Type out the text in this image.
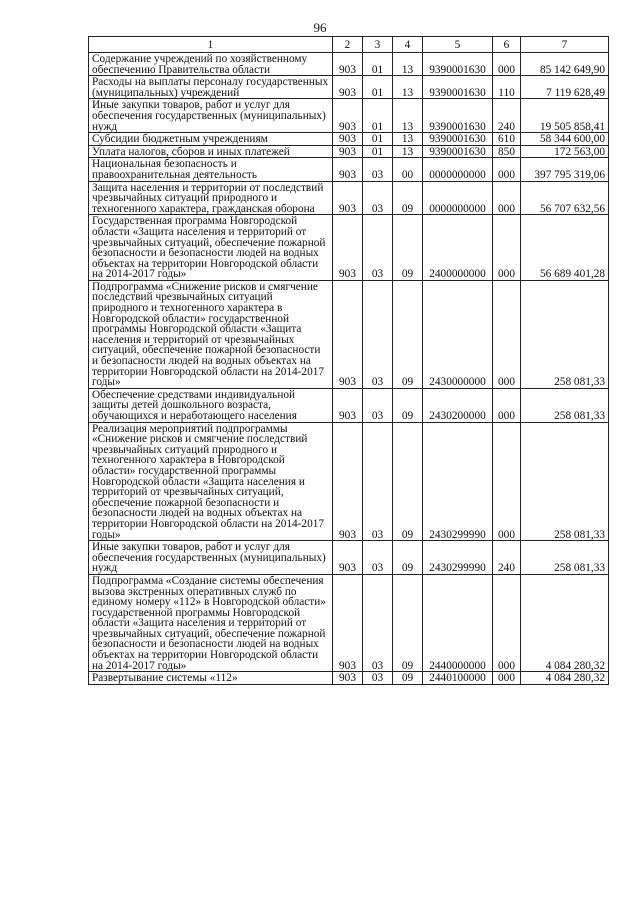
96
1	2	3	4	5	6	7
Содержание учреждений по хозяйственному обеспечению Правительства области	903	01	13	9390001630	000	85 142 649,90
Расходы на выплаты персоналу государственных (муниципальных) учреждений	903	01	13	9390001630	110	7 119 628,49
Иные закупки товаров, работ и услуг для обеспечения государственных (муниципальных) нужд	903	01	13	9390001630	240	19 505 858,41
Субсидии бюджетным учреждениям	903	01	13	9390001630	610	58 344 600,00
Уплата налогов, сборов и иных платежей	903	01	13	9390001630	850	172 563,00
Национальная безопасность и правоохранительная деятельность	903	03	00	0000000000	000	397 795 319,06
Защита населения и территории от последствий чрезвычайных ситуаций природного и техногенного характера, гражданская оборона	903	03	09	0000000000	000	56 707 632,56
Государственная программа Новгородской области «Защита населения и территорий от чрезвычайных ситуаций, обеспечение пожарной безопасности и безопасности людей на водных объектах на территории Новгородской области на 2014-2017 годы»	903	03	09	2400000000	000	56 689 401,28
Подпрограмма «Снижение рисков и смягчение последствий чрезвычайных ситуаций природного и техногенного характера в Новгородской области» государственной программы Новгородской области «Защита населения и территорий от чрезвычайных ситуаций, обеспечение пожарной безопасности и безопасности людей на водных объектах на территории Новгородской области на 2014-2017 годы»	903	03	09	2430000000	000	258 081,33
Обеспечение средствами индивидуальной защиты детей дошкольного возраста, обучающихся и неработающего населения	903	03	09	2430200000	000	258 081,33
Реализация мероприятий подпрограммы «Снижение рисков и смягчение последствий чрезвычайных ситуаций природного и техногенного характера в Новгородской области» государственной программы Новгородской области «Защита населения и территорий от чрезвычайных ситуаций, обеспечение пожарной безопасности и безопасности людей на водных объектах на территории Новгородской области на 2014-2017 годы»	903	03	09	2430299990	000	258 081,33
Иные закупки товаров, работ и услуг для обеспечения государственных (муниципальных) нужд	903	03	09	2430299990	240	258 081,33
Подпрограмма «Создание системы обеспечения вызова экстренных оперативных служб по единому номеру «112» в Новгородской области» государственной программы Новгородской области «Защита населения и территорий от чрезвычайных ситуаций, обеспечение пожарной безопасности и безопасности людей на водных объектах на территории Новгородской области на 2014-2017 годы»	903	03	09	2440000000	000	4 084 280,32
Развертывание системы «112»	903	03	09	2440100000	000	4 084 280,32
